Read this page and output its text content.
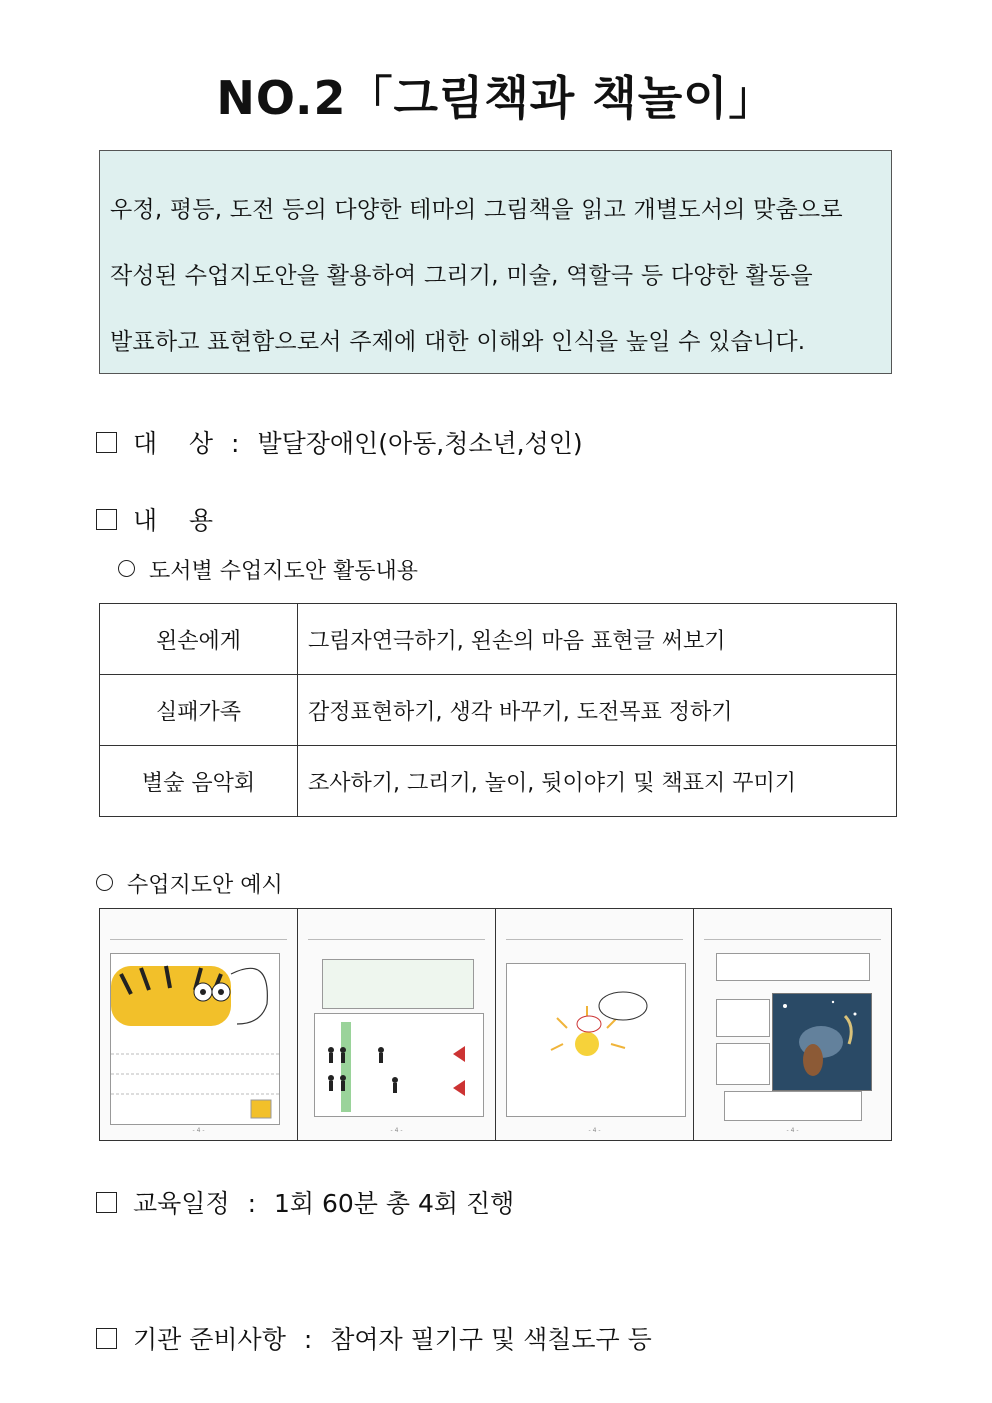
NO.2「그림책과 책놀이」

우정, 평등, 도전 등의 다양한 테마의 그림책을 읽고 개별도서의 맞춤으로

작성된 수업지도안을 활용하여 그리기, 미술, 역할극 등 다양한 활동을

발표하고 표현함으로서 주제에 대한 이해와 인식을 높일 수 있습니다.

대    상 : 발달장애인(아동,청소년,성인)
내    용
도서별 수업지도안 활동내용
왼손에게	그림자연극하기, 왼손의 마음 표현글 써보기
실패가족	감정표현하기, 생각 바꾸기, 도전목표 정하기
별숲 음악회	조사하기, 그리기, 놀이, 뒷이야기 및 책표지 꾸미기
수업지도안 예시
- 4 -	- 4 -	- 4 -	- 4 -
교육일정 : 1회 60분 총 4회 진행
기관 준비사항 : 참여자 필기구 및 색칠도구 등
